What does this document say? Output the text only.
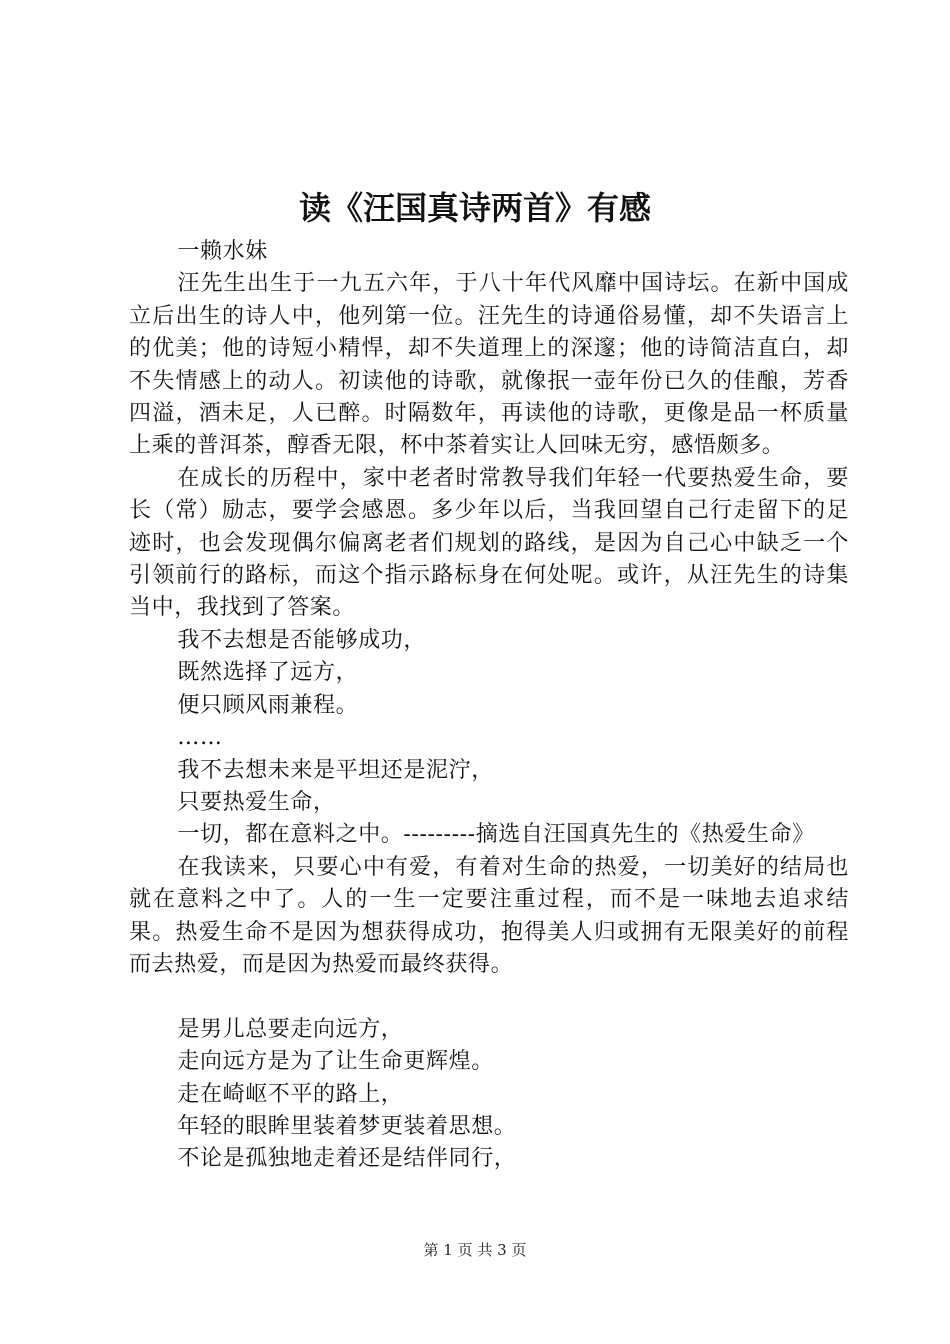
读《汪国真诗两首》有感

一赖水妹

汪先生出生于一九五六年，于八十年代风靡中国诗坛。在新中国成立后出生的诗人中，他列第一位。汪先生的诗通俗易懂，却不失语言上的优美；他的诗短小精悍，却不失道理上的深邃；他的诗简洁直白，却不失情感上的动人。初读他的诗歌，就像抿一壶年份已久的佳酿，芳香四溢，酒未足，人已醉。时隔数年，再读他的诗歌，更像是品一杯质量上乘的普洱茶，醇香无限，杯中茶着实让人回味无穷，感悟颇多。

在成长的历程中，家中老者时常教导我们年轻一代要热爱生命，要长（常）励志，要学会感恩。多少年以后，当我回望自己行走留下的足迹时，也会发现偶尔偏离老者们规划的路线，是因为自己心中缺乏一个引领前行的路标，而这个指示路标身在何处呢。或许，从汪先生的诗集当中，我找到了答案。

我不去想是否能够成功，

既然选择了远方，

便只顾风雨兼程。

……

我不去想未来是平坦还是泥泞，

只要热爱生命，

一切，都在意料之中。---------摘选自汪国真先生的《热爱生命》

在我读来，只要心中有爱，有着对生命的热爱，一切美好的结局也就在意料之中了。人的一生一定要注重过程，而不是一味地去追求结果。热爱生命不是因为想获得成功，抱得美人归或拥有无限美好的前程而去热爱，而是因为热爱而最终获得。

是男儿总要走向远方，

走向远方是为了让生命更辉煌。

走在崎岖不平的路上，

年轻的眼眸里装着梦更装着思想。

不论是孤独地走着还是结伴同行，

第 1 页 共 3 页
